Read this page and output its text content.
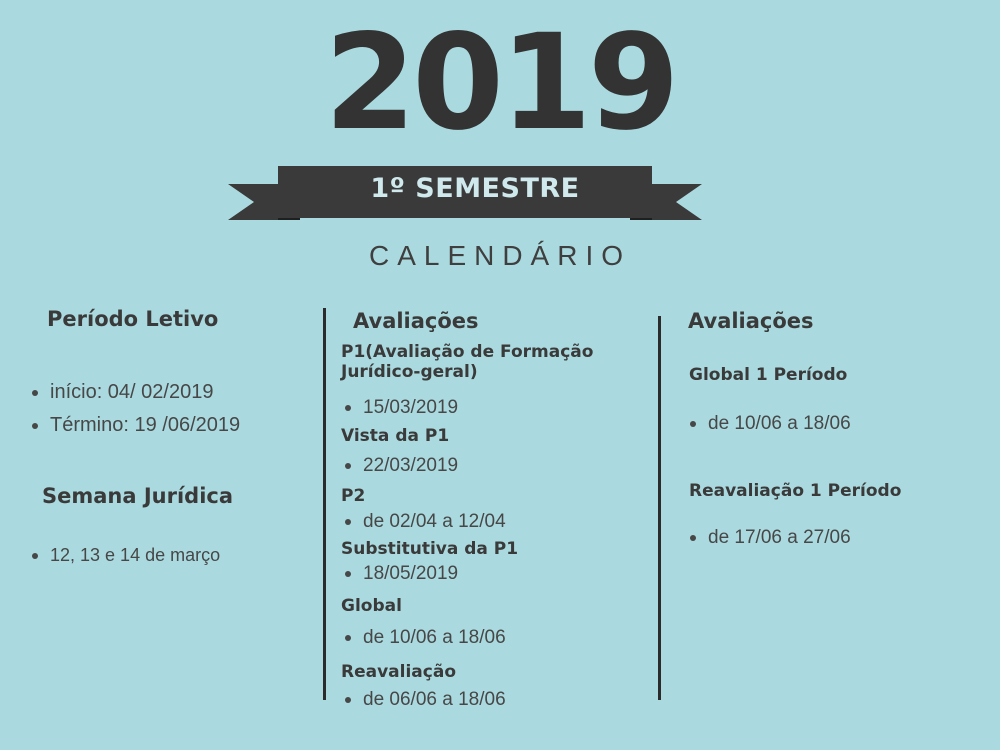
2019
1º SEMESTRE
CALENDÁRIO
Período Letivo
início: 04/ 02/2019
Término: 19 /06/2019
Semana Jurídica
12, 13 e 14 de março
Avaliações
P1(Avaliação de Formação
Jurídico-geral)
15/03/2019
Vista da P1
22/03/2019
P2
de 02/04 a 12/04
Substitutiva da P1
18/05/2019
Global
de 10/06 a 18/06
Reavaliação
de 06/06 a 18/06
Avaliações
Global 1 Período
de 10/06 a 18/06
Reavaliação 1 Período
de 17/06 a 27/06
